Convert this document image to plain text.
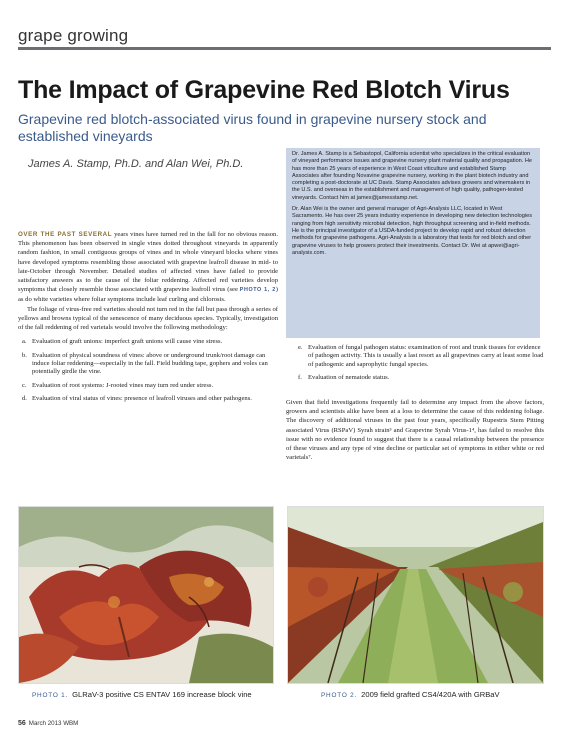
grape growing
The Impact of Grapevine Red Blotch Virus
Grapevine red blotch-associated virus found in grapevine nursery stock and established vineyards
James A. Stamp, Ph.D. and Alan Wei, Ph.D.

Dr. James A. Stamp is a Sebastopol, California scientist who specializes in the critical evaluation of vineyard performance issues and grapevine nursery plant material quality and propagation. He has more than 25 years of experience in West Coast viticulture and established Stamp Associates after founding Novavine grapevine nursery, working in the plant biotech industry and completing a post-doctorate at UC Davis. Stamp Associates advises growers and winemakers in the U.S. and overseas in the establishment and management of high quality, pathogen-tested vineyards. Contact him at james@jamesstamp.net.

Dr. Alan Wei is the owner and general manager of Agri-Analysis LLC, located in West Sacramento. He has over 25 years industry experience in developing new detection technologies ranging from high sensitivity microbial detection, high throughput screening and in-field methods. He is the principal investigator of a USDA-funded project to develop rapid and robust detection methods for grapevine pathogens. Agri-Analysis is a laboratory that tests for red blotch and other grapevine viruses to help growers protect their investments. Contact Dr. Wei at apwei@agri-analysis.com.

OVER THE PAST SEVERAL years vines have turned red in the fall for no obvious reason. This phenomenon has been observed in single vines dotted throughout vineyards in apparently random fashion, in small contiguous groups of vines and in whole vineyard blocks where vines have developed symptoms resembling those associated with grapevine leafroll disease in mid- to late-October through November. Detailed studies of affected vines have failed to provide satisfactory answers as to the cause of the foliar reddening. Affected red varieties develop symptoms that closely resemble those associated with grapevine leafroll virus (see PHOTO 1, 2) as do white varieties where foliar symptoms include leaf curling and chlorosis.

The foliage of virus-free red varieties should not turn red in the fall but pass through a series of yellows and browns typical of the senescence of many deciduous species. Typically, investigation of the fall reddening of red varietals would involve the following methodology:

a. Evaluation of graft unions: imperfect graft unions will cause vine stress.
b. Evaluation of physical soundness of vines: above or underground trunk/root damage can induce foliar reddening—especially in the fall. Field budding tape, gophers and voles can potentially girdle the vine.
c. Evaluation of root systems: J-rooted vines may turn red under stress.
d. Evaluation of viral status of vines: presence of leafroll viruses and other pathogens.
e. Evaluation of fungal pathogen status: examination of root and trunk tissues for evidence of pathogen activity. This is usually a last resort as all grapevines carry at least some load of pathogenic and saprophytic fungal species.
f. Evaluation of nematode status.

Given that field investigations frequently fail to determine any impact from the above factors, growers and scientists alike have been at a loss to determine the cause of this reddening foliage. The discovery of additional viruses in the past four years, specifically Rupestris Stem Pitting associated Virus (RSPaV) Syrah strain³ and Grapevine Syrah Virus-1⁴, has failed to resolve this issue with no evidence found to suggest that there is a causal relationship between the presence of these viruses and any type of vine decline or particular set of symptoms in either white or red varietals⁷.

PHOTO 1. GLRaV-3 positive CS ENTAV 169 increase block vine	PHOTO 2. 2009 field grafted CS4/420A with GRBaV
56 March 2013 WBM
